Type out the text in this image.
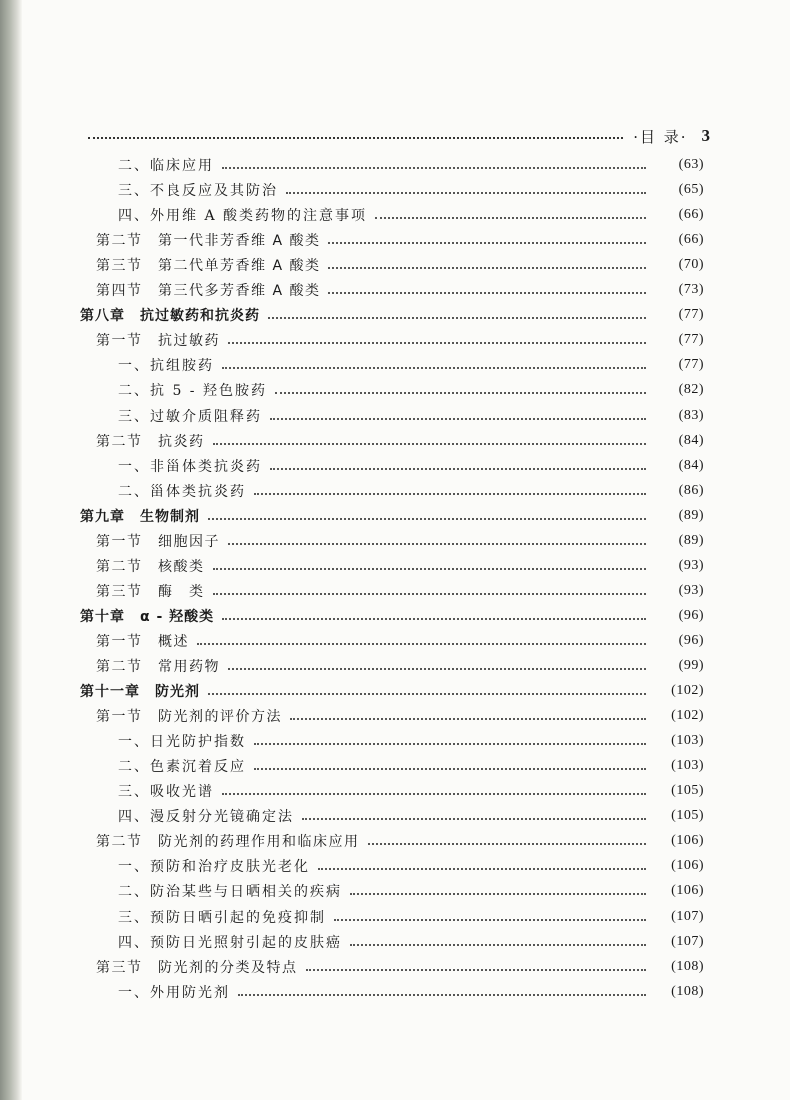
·目 录· 3
二、临床应用	(63)
三、不良反应及其防治	(65)
四、外用维 A 酸类药物的注意事项	(66)
第二节　第一代非芳香维 A 酸类	(66)
第三节　第二代单芳香维 A 酸类	(70)
第四节　第三代多芳香维 A 酸类	(73)
第八章　抗过敏药和抗炎药	(77)
第一节　抗过敏药	(77)
一、抗组胺药	(77)
二、抗 5 - 羟色胺药	(82)
三、过敏介质阻释药	(83)
第二节　抗炎药	(84)
一、非甾体类抗炎药	(84)
二、甾体类抗炎药	(86)
第九章　生物制剂	(89)
第一节　细胞因子	(89)
第二节　核酸类	(93)
第三节　酶　类	(93)
第十章　α - 羟酸类	(96)
第一节　概述	(96)
第二节　常用药物	(99)
第十一章　防光剂	(102)
第一节　防光剂的评价方法	(102)
一、日光防护指数	(103)
二、色素沉着反应	(103)
三、吸收光谱	(105)
四、漫反射分光镜确定法	(105)
第二节　防光剂的药理作用和临床应用	(106)
一、预防和治疗皮肤光老化	(106)
二、防治某些与日晒相关的疾病	(106)
三、预防日晒引起的免疫抑制	(107)
四、预防日光照射引起的皮肤癌	(107)
第三节　防光剂的分类及特点	(108)
一、外用防光剂	(108)
